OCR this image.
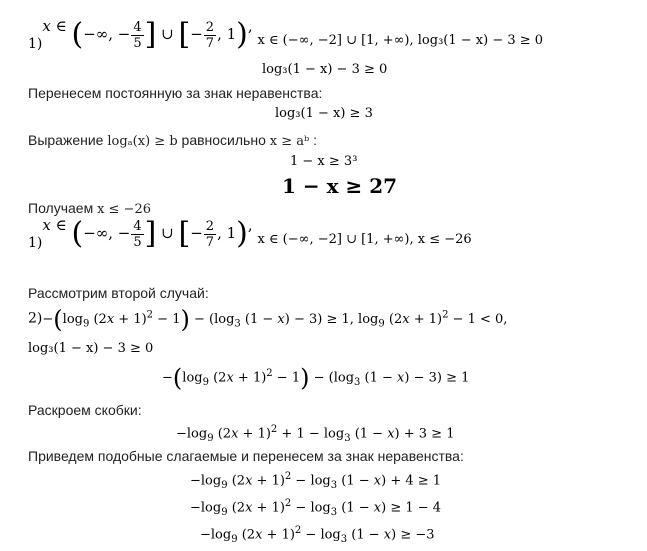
1)x ∈ (−∞, − $\frac{4}{5}$ ] ∪ [− $\frac{2}{7}$ , 1), x ∈ (−∞, −2] ∪ [1, +∞), log₃(1 − x) − 3 ≥ 0
log₃(1 − x) − 3 ≥ 0
Перенесем постоянную за знак неравенства:
log₃(1 − x) ≥ 3
Выражение logₐ(x) ≥ b равносильно x ≥ aᵇ :
1 − x ≥ 3³
1 − x ≥ 27
Получаем x ≤ −26
1)x ∈ (−∞, − $\frac{4}{5}$ ] ∪ [− $\frac{2}{7}$ , 1), x ∈ (−∞, −2] ∪ [1, +∞), x ≤ −26
Рассмотрим второй случай:
$2)-(\log_9$ $(2x + 1)^2 - 1) - (\log_3$ (1 − x) − 3) ≥ 1, $\log_9 (2x + 1)^2 - 1 < 0$,
log₃(1 − x) − 3 ≥ 0
$-(\log_9$ $(2x + 1)^2 - 1) - (\log_3$ (1 − x) − 3) ≥ 1
Раскроем скобки:
$-\log_9$ $(2x + 1)^2 + 1 - \log_3 (1 - x) + 3 \ge 1$
Приведем подобные слагаемые и перенесем за знак неравенства:
$-\log_9$ $(2x + 1)^2 - \log_3 (1 - x) + 4 \ge 1$
$-\log_9$ $(2x + 1)^2 - \log_3 (1 - x) \ge 1 - 4$
$-\log_9$ $(2x + 1)^2 - \log_3 (1 - x) \ge -3$
